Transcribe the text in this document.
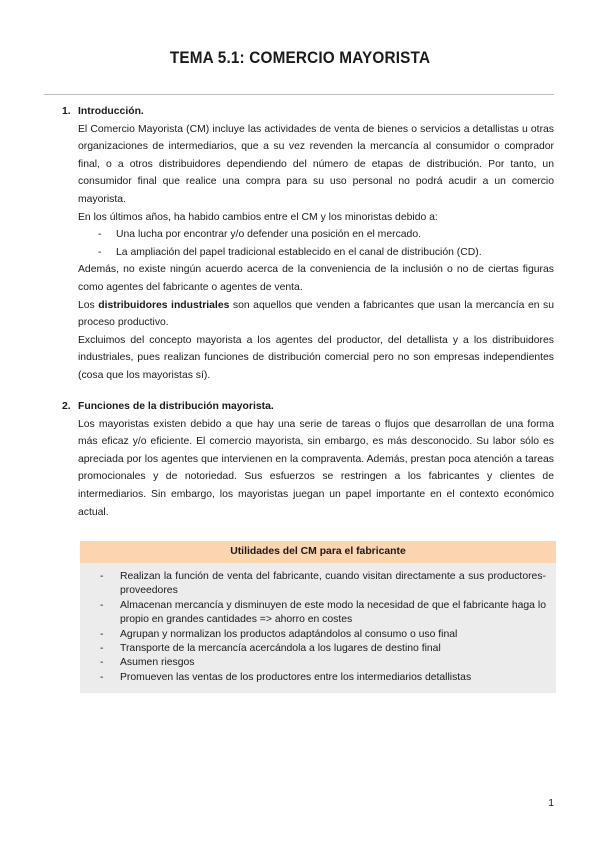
TEMA 5.1: COMERCIO MAYORISTA
1. Introducción.
El Comercio Mayorista (CM) incluye las actividades de venta de bienes o servicios a detallistas u otras organizaciones de intermediarios, que a su vez revenden la mercancía al consumidor o comprador final, o a otros distribuidores dependiendo del número de etapas de distribución. Por tanto, un consumidor final que realice una compra para su uso personal no podrá acudir a un comercio mayorista.
En los últimos años, ha habido cambios entre el CM y los minoristas debido a:
-	Una lucha por encontrar y/o defender una posición en el mercado.
-	La ampliación del papel tradicional establecido en el canal de distribución (CD).
Además, no existe ningún acuerdo acerca de la conveniencia de la inclusión o no de ciertas figuras como agentes del fabricante o agentes de venta.
Los distribuidores industriales son aquellos que venden a fabricantes que usan la mercancía en su proceso productivo.
Excluimos del concepto mayorista a los agentes del productor, del detallista y a los distribuidores industriales, pues realizan funciones de distribución comercial pero no son empresas independientes (cosa que los mayoristas sí).
2. Funciones de la distribución mayorista.
Los mayoristas existen debido a que hay una serie de tareas o flujos que desarrollan de una forma más eficaz y/o eficiente. El comercio mayorista, sin embargo, es más desconocido. Su labor sólo es apreciada por los agentes que intervienen en la compraventa. Además, prestan poca atención a tareas promocionales y de notoriedad. Sus esfuerzos se restringen a los fabricantes y clientes de intermediarios. Sin embargo, los mayoristas juegan un papel importante en el contexto económico actual.
Utilidades del CM para el fabricante
-	Realizan la función de venta del fabricante, cuando visitan directamente a sus productores-proveedores
-	Almacenan mercancía y disminuyen de este modo la necesidad de que el fabricante haga lo propio en grandes cantidades => ahorro en costes
-	Agrupan y normalizan los productos adaptándolos al consumo o uso final
-	Transporte de la mercancía acercándola a los lugares de destino final
-	Asumen riesgos
-	Promueven las ventas de los productores entre los intermediarios detallistas
1
